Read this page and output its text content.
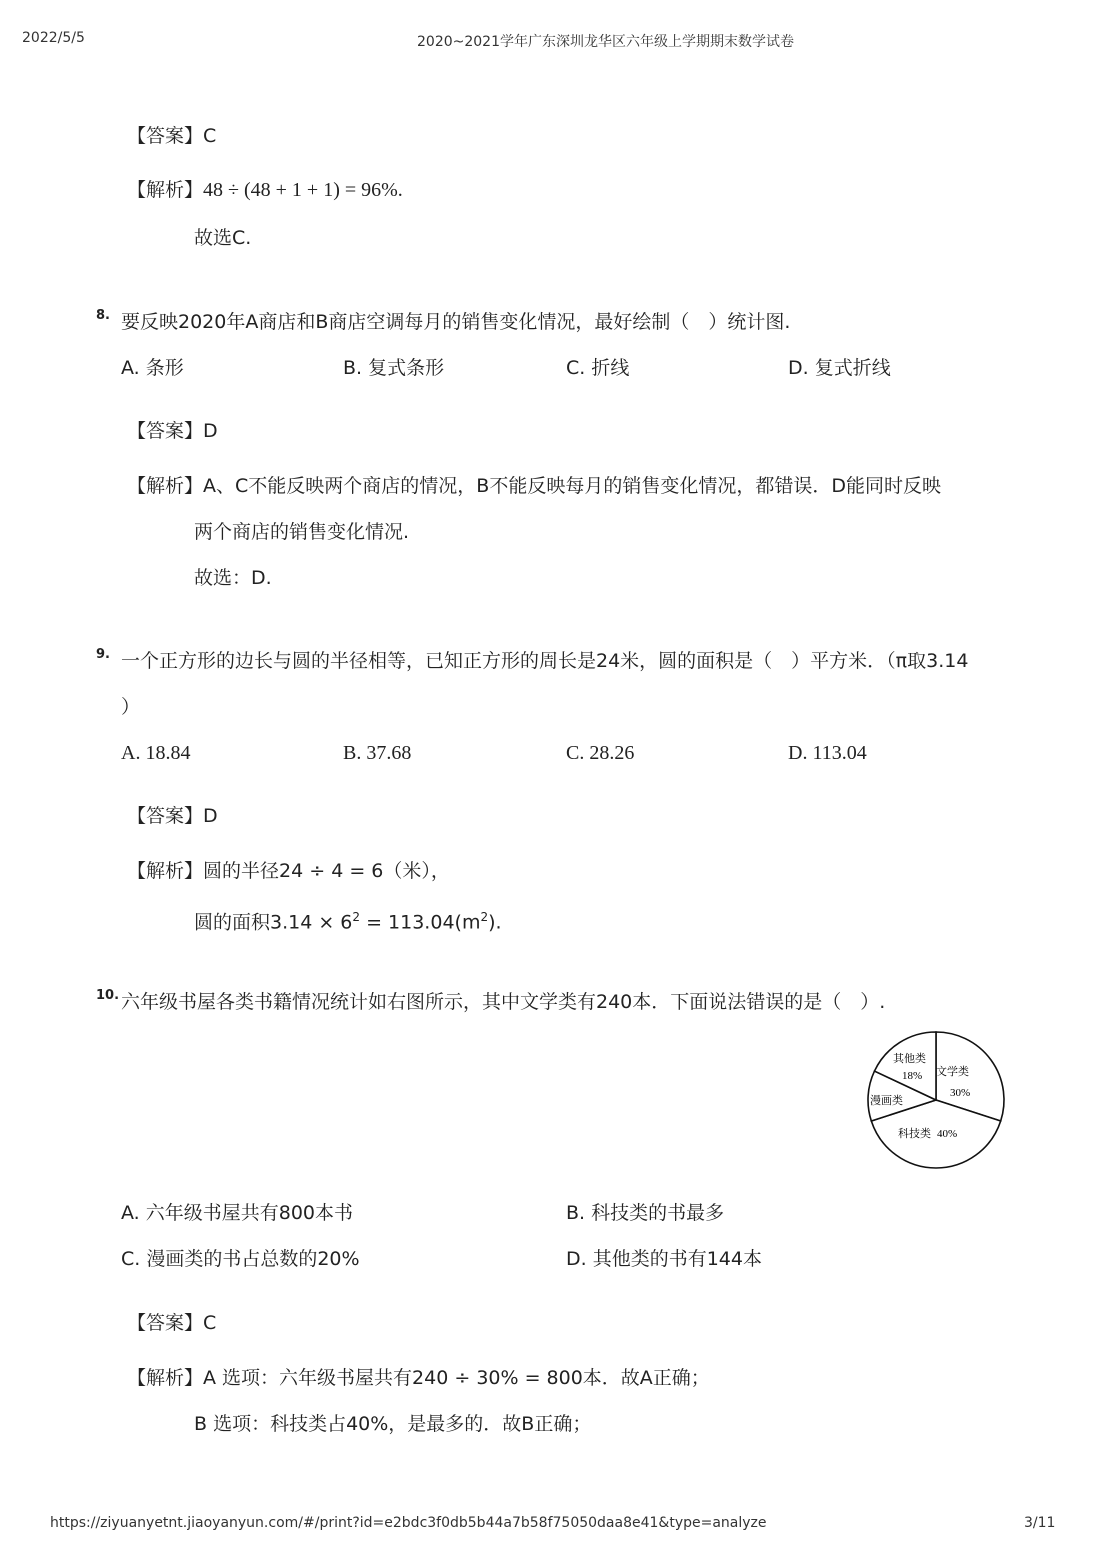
2022/5/5	2020~2021学年广东深圳龙华区六年级上学期期末数学试卷
【答案】C
【解析】48 ÷ (48 + 1 + 1) = 96%.
故选C.
8. 要反映2020年A商店和B商店空调每月的销售变化情况，最好绘制（　）统计图.
A. 条形	B. 复式条形	C. 折线	D. 复式折线
【答案】D
【解析】A、C不能反映两个商店的情况，B不能反映每月的销售变化情况，都错误．D能同时反映
两个商店的销售变化情况.
故选：D.
9. 一个正方形的边长与圆的半径相等，已知正方形的周长是24米，圆的面积是（　）平方米．（π取3.14
）
A. 18.84	B. 37.68	C. 28.26	D. 113.04
【答案】D
【解析】圆的半径24 ÷ 4 = 6（米），
圆的面积$3.14 \times 6^2 = 113.04(m^2)$.
10. 六年级书屋各类书籍情况统计如右图所示，其中文学类有240本．下面说法错误的是（　）.
文学类
30%
科技类 40%
漫画类
其他类
18%
A. 六年级书屋共有800本书	B. 科技类的书最多
C. 漫画类的书占总数的20%	D. 其他类的书有144本
【答案】C
【解析】A 选项：六年级书屋共有240 ÷ 30% = 800本．故A正确；
B 选项：科技类占40%，是最多的．故B正确；
https://ziyuanyetnt.jiaoyanyun.com/#/print?id=e2bdc3f0db5b44a7b58f75050daa8e41&type=analyze	3/11
